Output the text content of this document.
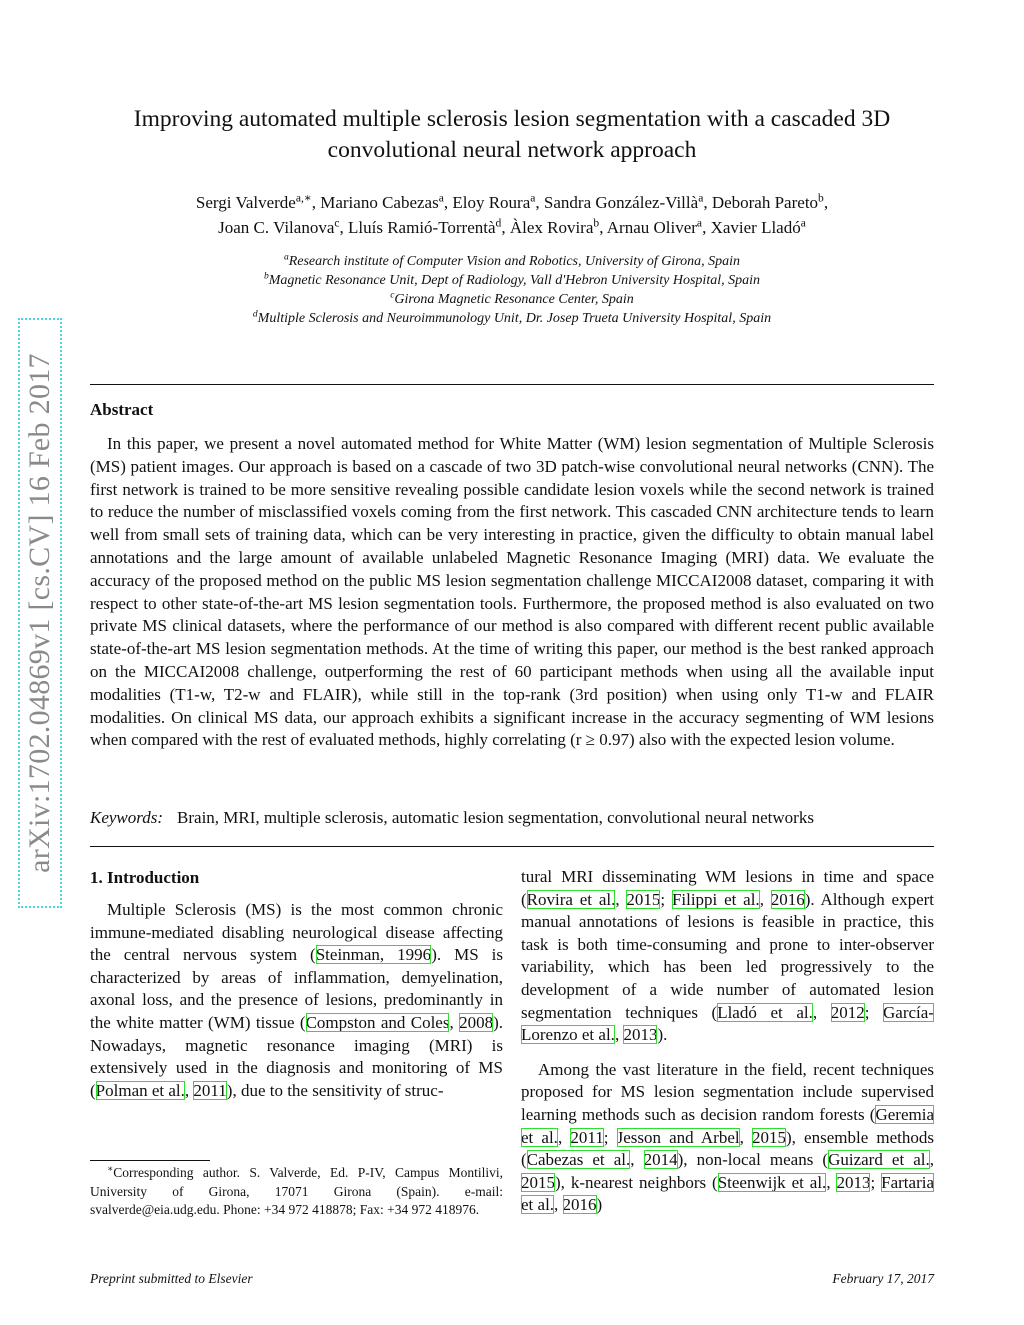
arXiv:1702.04869v1 [cs.CV] 16 Feb 2017
Improving automated multiple sclerosis lesion segmentation with a cascaded 3D
convolutional neural network approach
Sergi Valverde$^{a,∗}$, Mariano Cabezas$^a$, Eloy Roura$^a$, Sandra González-Villà$^a$, Deborah Pareto$^b$,
Joan C. Vilanova$^c$, Lluís Ramió-Torrentà$^d$, Àlex Rovira$^b$, Arnau Oliver$^a$, Xavier Lladó$^a$
$^a$Research institute of Computer Vision and Robotics, University of Girona, Spain
$^b$Magnetic Resonance Unit, Dept of Radiology, Vall d'Hebron University Hospital, Spain
$^c$Girona Magnetic Resonance Center, Spain
$^d$Multiple Sclerosis and Neuroimmunology Unit, Dr. Josep Trueta University Hospital, Spain
Abstract
In this paper, we present a novel automated method for White Matter (WM) lesion segmentation of Multiple Sclerosis (MS) patient images. Our approach is based on a cascade of two 3D patch-wise convolutional neural networks (CNN). The first network is trained to be more sensitive revealing possible candidate lesion voxels while the second network is trained to reduce the number of misclassified voxels coming from the first network. This cascaded CNN architecture tends to learn well from small sets of training data, which can be very interesting in practice, given the difficulty to obtain manual label annotations and the large amount of available unlabeled Magnetic Resonance Imaging (MRI) data. We evaluate the accuracy of the proposed method on the public MS lesion segmentation challenge MICCAI2008 dataset, comparing it with respect to other state-of-the-art MS lesion segmentation tools. Furthermore, the proposed method is also evaluated on two private MS clinical datasets, where the performance of our method is also compared with different recent public available state-of-the-art MS lesion segmentation methods. At the time of writing this paper, our method is the best ranked approach on the MICCAI2008 challenge, outperforming the rest of 60 participant methods when using all the available input modalities (T1-w, T2-w and FLAIR), while still in the top-rank (3rd position) when using only T1-w and FLAIR modalities. On clinical MS data, our approach exhibits a significant increase in the accuracy segmenting of WM lesions when compared with the rest of evaluated methods, highly correlating (r ≥ 0.97) also with the expected lesion volume.
Keywords: Brain, MRI, multiple sclerosis, automatic lesion segmentation, convolutional neural networks
1. Introduction
Multiple Sclerosis (MS) is the most common chronic immune-mediated disabling neurological disease affecting the central nervous system (Steinman, 1996). MS is characterized by areas of inflammation, demyelination, axonal loss, and the presence of lesions, predominantly in the white matter (WM) tissue (Compston and Coles, 2008). Nowadays, magnetic resonance imaging (MRI) is extensively used in the diagnosis and monitoring of MS (Polman et al., 2011), due to the sensitivity of struc-

tural MRI disseminating WM lesions in time and space (Rovira et al., 2015; Filippi et al., 2016). Although expert manual annotations of lesions is feasible in practice, this task is both time-consuming and prone to inter-observer variability, which has been led progressively to the development of a wide number of automated lesion segmentation techniques (Lladó et al., 2012; García-Lorenzo et al., 2013).

Among the vast literature in the field, recent techniques proposed for MS lesion segmentation include supervised learning methods such as decision random forests (Geremia et al., 2011; Jesson and Arbel, 2015), ensemble methods (Cabezas et al., 2014), non-local means (Guizard et al., 2015), k-nearest neighbors (Steenwijk et al., 2013; Fartaria et al., 2016)

∗Corresponding author. S. Valverde, Ed. P-IV, Campus Montilivi, University of Girona, 17071 Girona (Spain). e-mail: svalverde@eia.udg.edu. Phone: +34 972 418878; Fax: +34 972 418976.
Preprint submitted to Elsevier	February 17, 2017
